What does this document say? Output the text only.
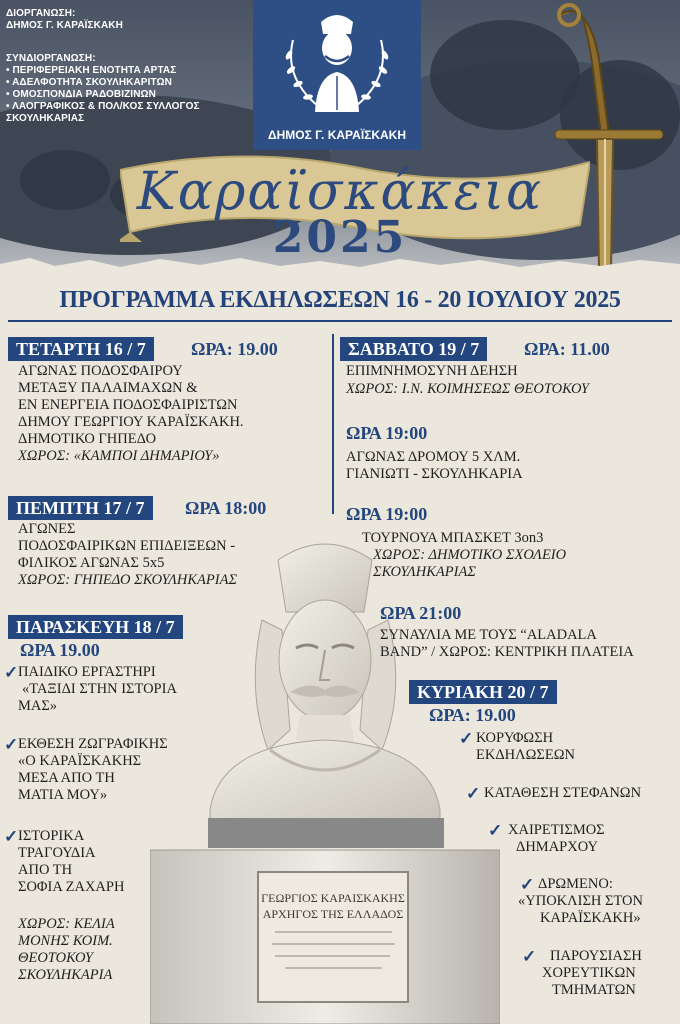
ΔΙΟΡΓΑΝΩΣΗ:
ΔΗΜΟΣ Γ. ΚΑΡΑΪΣΚΑΚΗ
ΣΥΝΔΙΟΡΓΑΝΩΣΗ:
• ΠΕΡΙΦΕΡΕΙΑΚΗ ΕΝΟΤΗΤΑ ΑΡΤΑΣ
• ΑΔΕΛΦΟΤΗΤΑ ΣΚΟΥΛΗΚΑΡΙΤΩΝ
• ΟΜΟΣΠΟΝΔΙΑ ΡΑΔΟΒΙΖΙΝΩΝ
• ΛΑΟΓΡΑΦΙΚΟΣ & ΠΟΛ/ΚΟΣ ΣΥΛΛΟΓΟΣ
ΣΚΟΥΛΗΚΑΡΙΑΣ
ΔΗΜΟΣ Γ. ΚΑΡΑΪΣΚΑΚΗ
Καραϊσκάκεια
2025
ΠΡΟΓΡΑΜΜΑ ΕΚΔΗΛΩΣΕΩΝ 16 - 20 ΙΟΥΛΙΟΥ 2025
ΓΕΩΡΓΙΟΣ ΚΑΡΑΙΣΚΑΚΗΣ
ΑΡΧΗΓΟΣ ΤΗΣ ΕΛΛΑΔΟΣ
ΤΕΤΑΡΤΗ 16 / 7	ΩΡΑ: 19.00
ΑΓΩΝΑΣ ΠΟΔΟΣΦΑΙΡΟΥ
ΜΕΤΑΞΥ ΠΑΛΑΙΜΑΧΩΝ &
ΕΝ ΕΝΕΡΓΕΙΑ ΠΟΔΟΣΦΑΙΡΙΣΤΩΝ
ΔΗΜΟΥ ΓΕΩΡΓΙΟΥ ΚΑΡΑΪΣΚΑΚΗ.
ΔΗΜΟΤΙΚΟ ΓΗΠΕΔΟ
ΧΩΡΟΣ: «ΚΑΜΠΟΙ ΔΗΜΑΡΙΟΥ»
ΠΕΜΠΤΗ 17 / 7	ΩΡΑ 18:00
ΑΓΩΝΕΣ
ΠΟΔΟΣΦΑΙΡΙΚΩΝ ΕΠΙΔΕΙΞΕΩΝ -
ΦΙΛΙΚΟΣ ΑΓΩΝΑΣ 5x5
ΧΩΡΟΣ: ΓΗΠΕΔΟ ΣΚΟΥΛΗΚΑΡΙΑΣ
ΠΑΡΑΣΚΕΥΗ 18 / 7
ΩΡΑ 19.00
✓ ΠΑΙΔΙΚΟ ΕΡΓΑΣΤΗΡΙ
«ΤΑΞΙΔΙ ΣΤΗΝ ΙΣΤΟΡΙΑ
ΜΑΣ»
✓ ΕΚΘΕΣΗ ΖΩΓΡΑΦΙΚΗΣ
«Ο ΚΑΡΑΪΣΚΑΚΗΣ
ΜΕΣΑ ΑΠΟ ΤΗ
ΜΑΤΙΑ ΜΟΥ»
✓ ΙΣΤΟΡΙΚΑ
ΤΡΑΓΟΥΔΙΑ
ΑΠΟ ΤΗ
ΣΟΦΙΑ ΖΑΧΑΡΗ
ΧΩΡΟΣ: ΚΕΛΙΑ
ΜΟΝΗΣ ΚΟΙΜ.
ΘΕΟΤΟΚΟΥ
ΣΚΟΥΛΗΚΑΡΙΑ
ΣΑΒΒΑΤΟ 19 / 7	ΩΡΑ: 11.00
ΕΠΙΜΝΗΜΟΣΥΝΗ ΔΕΗΣΗ
ΧΩΡΟΣ: Ι.Ν. ΚΟΙΜΗΣΕΩΣ ΘΕΟΤΟΚΟΥ
ΩΡΑ 19:00
ΑΓΩΝΑΣ ΔΡΟΜΟΥ 5 ΧΛΜ.
ΓΙΑΝΙΩΤΙ - ΣΚΟΥΛΗΚΑΡΙΑ
ΩΡΑ 19:00
ΤΟΥΡΝΟΥΑ ΜΠΑΣΚΕΤ 3on3
ΧΩΡΟΣ: ΔΗΜΟΤΙΚΟ ΣΧΟΛΕΙΟ
ΣΚΟΥΛΗΚΑΡΙΑΣ
ΩΡΑ 21:00
ΣΥΝΑΥΛΙΑ ΜΕ ΤΟΥΣ “ALADALA
BAND” / ΧΩΡΟΣ: ΚΕΝΤΡΙΚΗ ΠΛΑΤΕΙΑ
ΚΥΡΙΑΚΗ 20 / 7
ΩΡΑ: 19.00
✓ ΚΟΡΥΦΩΣΗ
ΕΚΔΗΛΩΣΕΩΝ
✓ ΚΑΤΑΘΕΣΗ ΣΤΕΦΑΝΩΝ
✓ ΧΑΙΡΕΤΙΣΜΟΣ
ΔΗΜΑΡΧΟΥ
✓ ΔΡΩΜΕΝΟ:
«ΥΠΟΚΛΙΣΗ ΣΤΟΝ
ΚΑΡΑΪΣΚΑΚΗ»
✓ ΠΑΡΟΥΣΙΑΣΗ
ΧΟΡΕΥΤΙΚΩΝ
ΤΜΗΜΑΤΩΝ
